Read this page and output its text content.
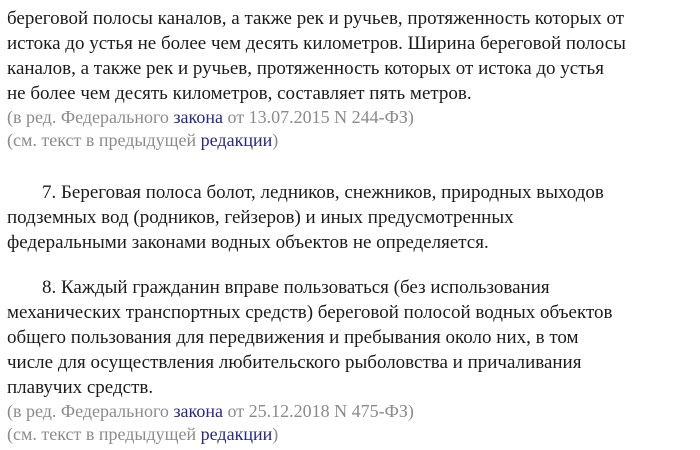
береговой полосы каналов, а также рек и ручьев, протяженность которых от
истока до устья не более чем десять километров. Ширина береговой полосы
каналов, а также рек и ручьев, протяженность которых от истока до устья
не более чем десять километров, составляет пять метров.
(в ред. Федерального закона от 13.07.2015 N 244-ФЗ)
(см. текст в предыдущей редакции)
7. Береговая полоса болот, ледников, снежников, природных выходов
подземных вод (родников, гейзеров) и иных предусмотренных
федеральными законами водных объектов не определяется.
8. Каждый гражданин вправе пользоваться (без использования
механических транспортных средств) береговой полосой водных объектов
общего пользования для передвижения и пребывания около них, в том
числе для осуществления любительского рыболовства и причаливания
плавучих средств.
(в ред. Федерального закона от 25.12.2018 N 475-ФЗ)
(см. текст в предыдущей редакции)
